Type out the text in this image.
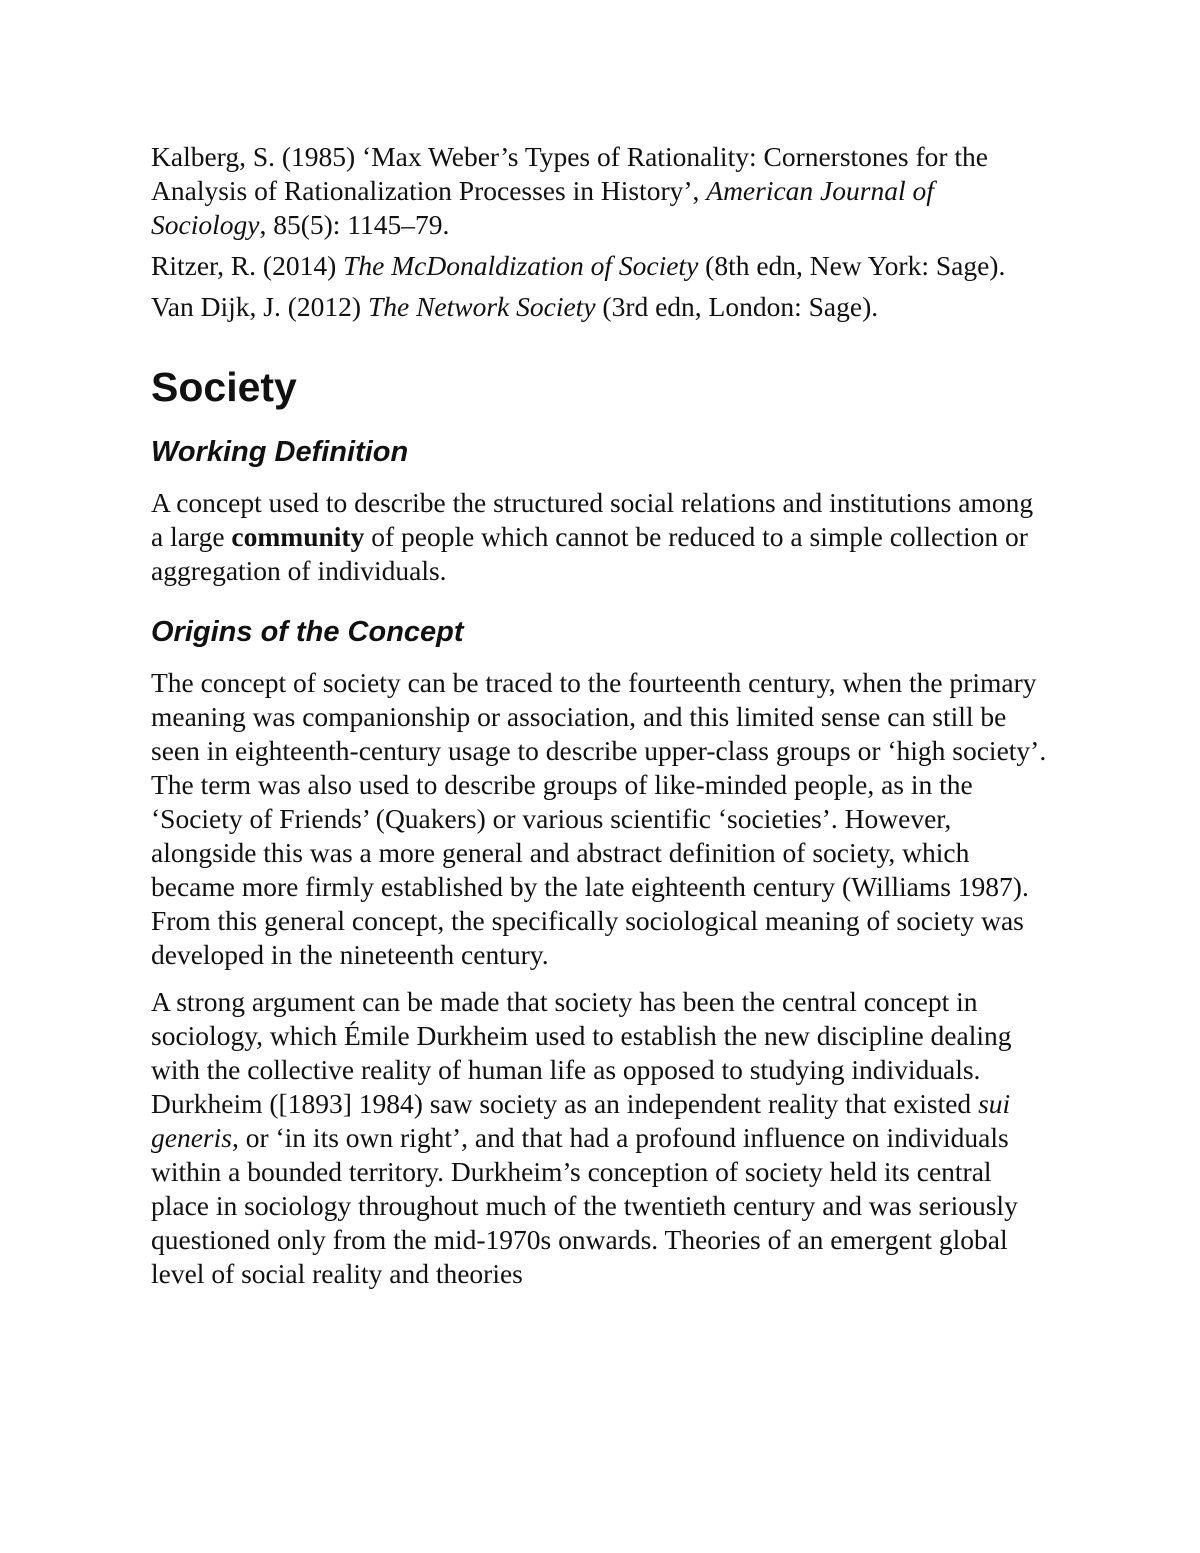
Kalberg, S. (1985) ‘Max Weber’s Types of Rationality: Cornerstones for the Analysis of Rationalization Processes in History’, American Journal of Sociology, 85(5): 1145–79.

Ritzer, R. (2014) The McDonaldization of Society (8th edn, New York: Sage).

Van Dijk, J. (2012) The Network Society (3rd edn, London: Sage).

Society
Working Definition

A concept used to describe the structured social relations and institutions among a large community of people which cannot be reduced to a simple collection or aggregation of individuals.

Origins of the Concept

The concept of society can be traced to the fourteenth century, when the primary meaning was companionship or association, and this limited sense can still be seen in eighteenth-century usage to describe upper-class groups or ‘high society’. The term was also used to describe groups of like-minded people, as in the ‘Society of Friends’ (Quakers) or various scientific ‘societies’. However, alongside this was a more general and abstract definition of society, which became more firmly established by the late eighteenth century (Williams 1987). From this general concept, the specifically sociological meaning of society was developed in the nineteenth century.

A strong argument can be made that society has been the central concept in sociology, which Émile Durkheim used to establish the new discipline dealing with the collective reality of human life as opposed to studying individuals. Durkheim ([1893] 1984) saw society as an independent reality that existed sui generis, or ‘in its own right’, and that had a profound influence on individuals within a bounded territory. Durkheim’s conception of society held its central place in sociology throughout much of the twentieth century and was seriously questioned only from the mid-1970s onwards. Theories of an emergent global level of social reality and theories
